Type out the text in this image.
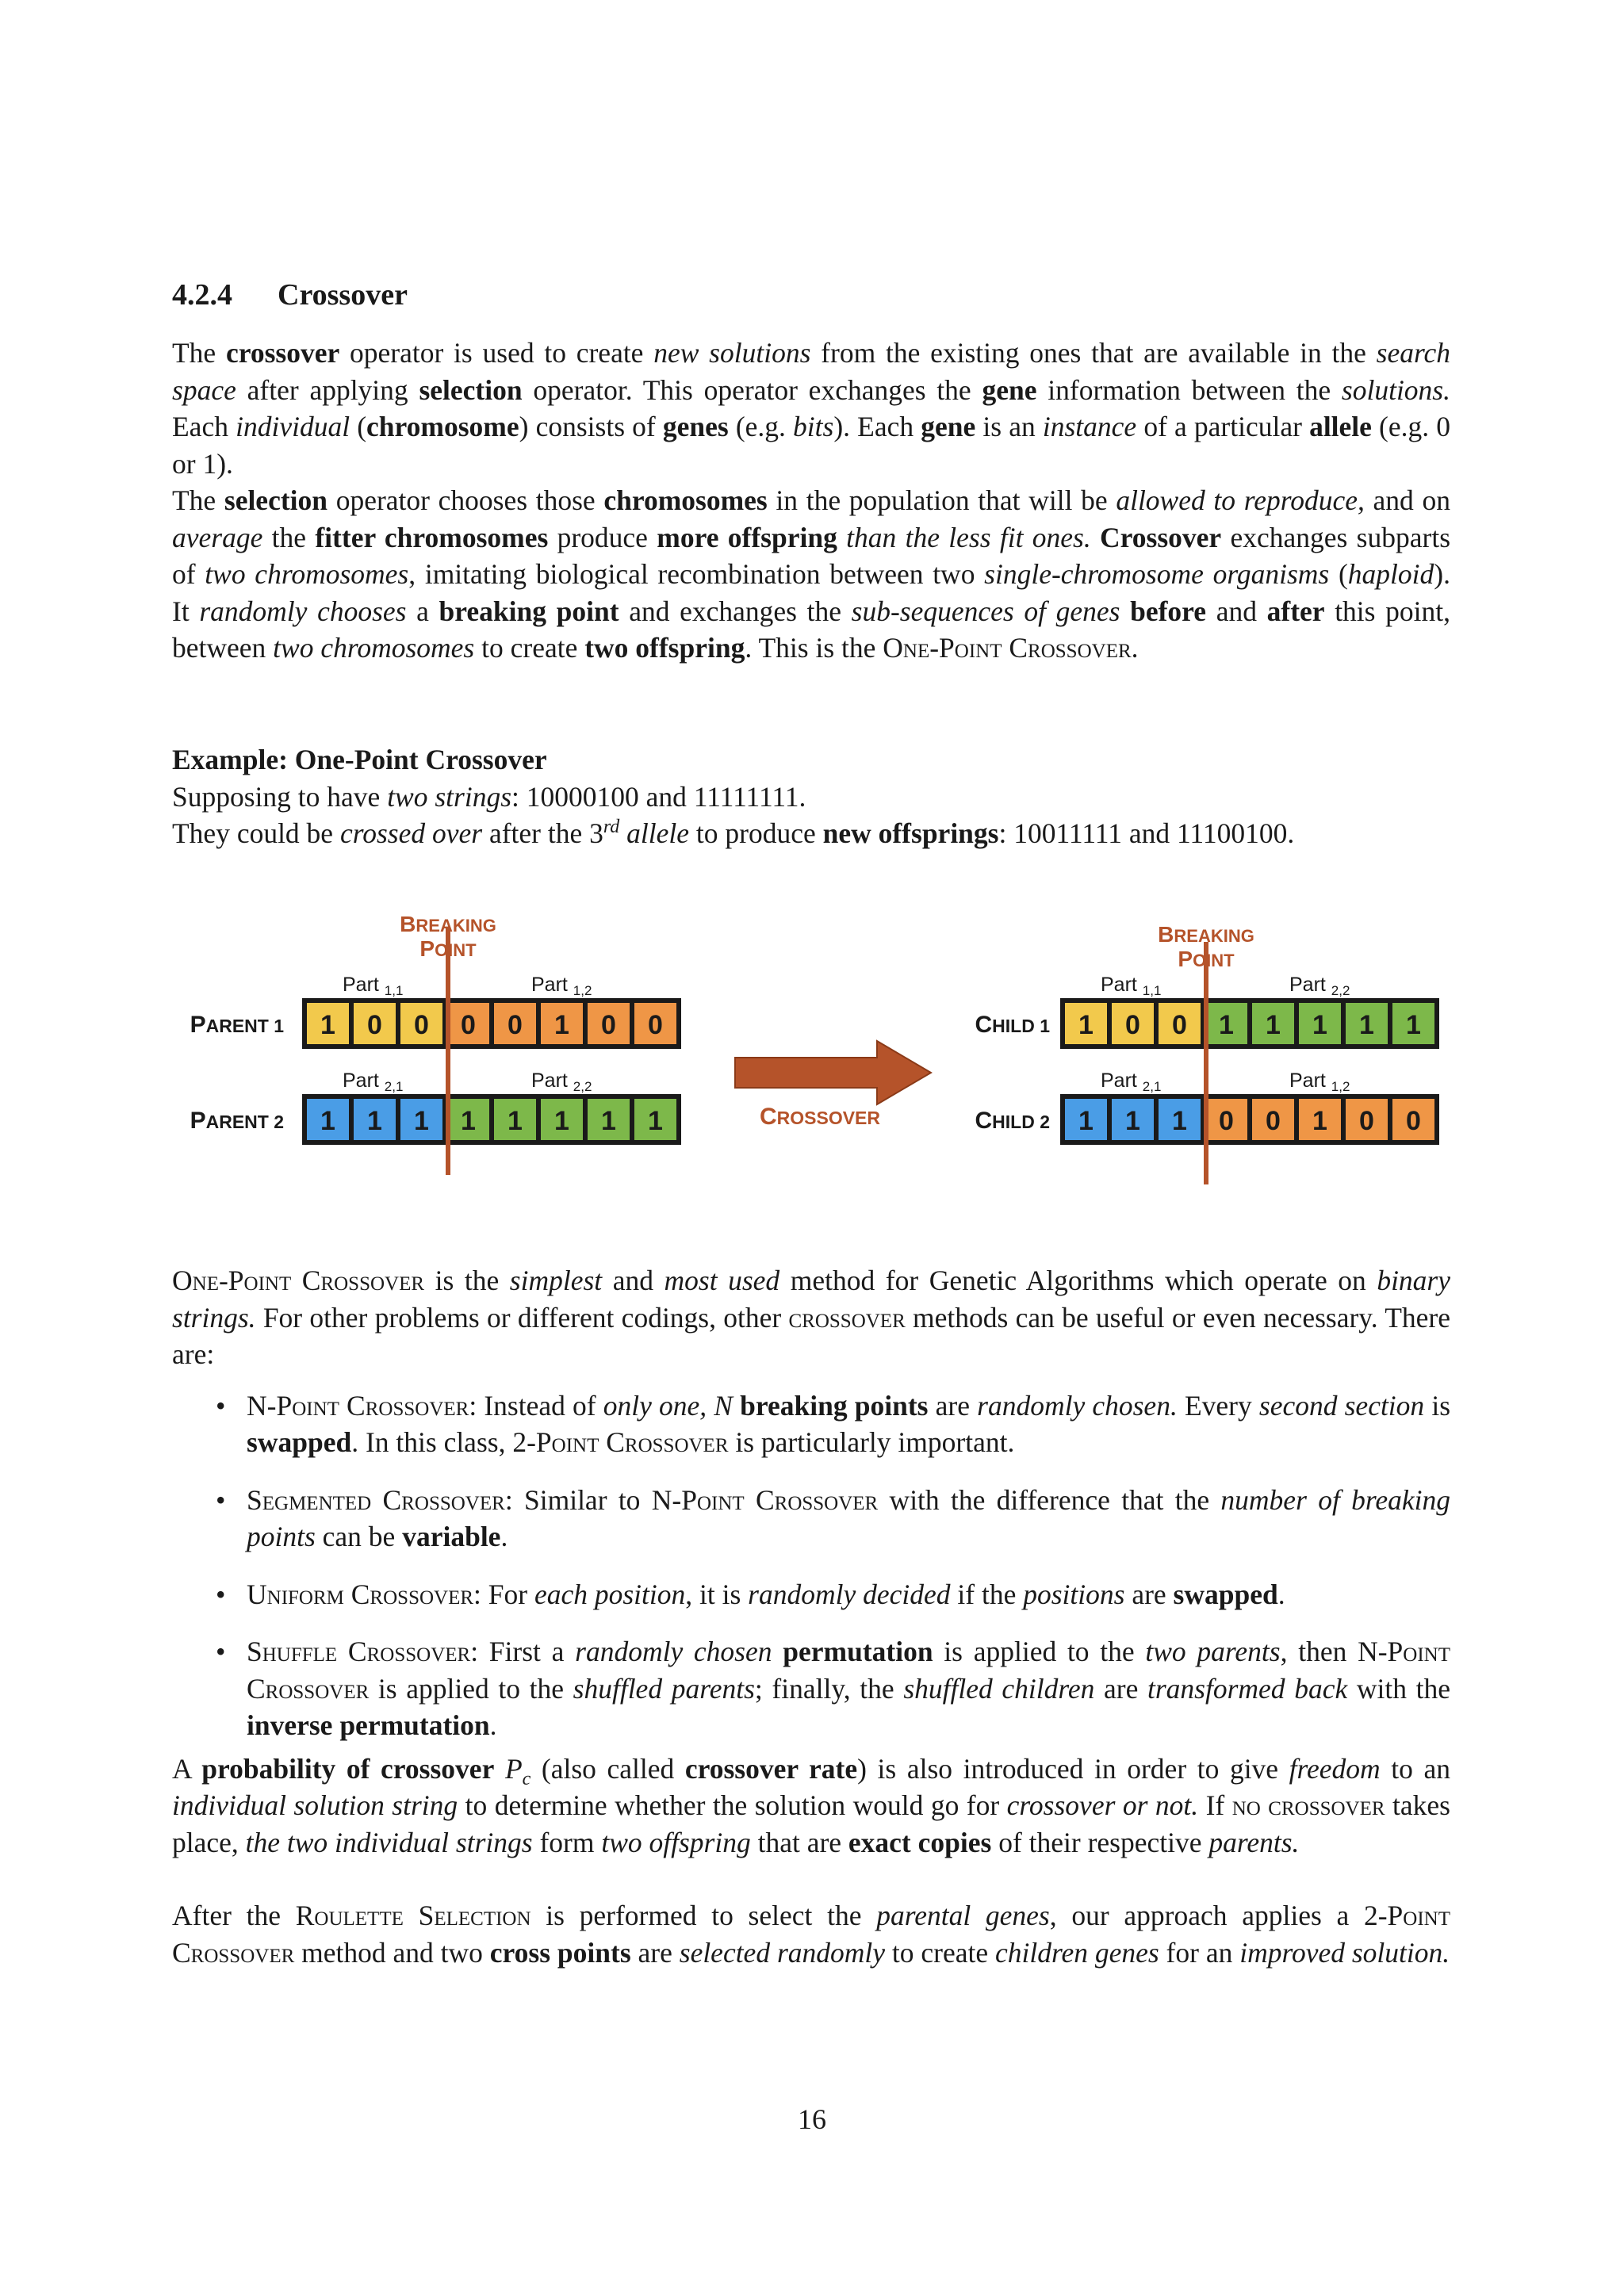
4.2.4 Crossover

The crossover operator is used to create new solutions from the existing ones that are available in the search space after applying selection operator. This operator exchanges the gene information between the solutions. Each individual (chromosome) consists of genes (e.g. bits). Each gene is an instance of a particular allele (e.g. 0 or 1).

The selection operator chooses those chromosomes in the population that will be allowed to reproduce, and on average the fitter chromosomes produce more offspring than the less fit ones. Crossover exchanges subparts of two chromosomes, imitating biological recombination between two single-chromosome organisms (haploid). It randomly chooses a breaking point and exchanges the sub-sequences of genes before and after this point, between two chromosomes to create two offspring. This is the One-Point Crossover.

Example: One-Point Crossover

Supposing to have two strings: 10000100 and 11111111.

They could be crossed over after the 3rd allele to produce new offsprings: 10011111 and 11100100.

BREAKING
POINT
PARENT 1
Part $_{1,1}$	Part $_{1,2}$
1 0 0 0 0 1 0 0
PARENT 2
Part $_{2,1}$	Part $_{2,2}$
1 1 1 1 1 1 1 1	CROSSOVER
BREAKING
POINT
CHILD 1
Part $_{1,1}$	Part $_{2,2}$
1 0 0 1 1 1 1 1
CHILD 2
Part $_{2,1}$	Part $_{1,2}$
1 1 1 0 0 1 0 0

One-Point Crossover is the simplest and most used method for Genetic Algorithms which operate on binary strings. For other problems or different codings, other crossover methods can be useful or even necessary. There are:

• N-Point Crossover: Instead of only one, N breaking points are randomly chosen. Every second section is swapped. In this class, 2-Point Crossover is particularly important.
• Segmented Crossover: Similar to N-Point Crossover with the difference that the number of breaking points can be variable.
• Uniform Crossover: For each position, it is randomly decided if the positions are swapped.
• Shuffle Crossover: First a randomly chosen permutation is applied to the two parents, then N-Point Crossover is applied to the shuffled parents; finally, the shuffled children are transformed back with the inverse permutation.

A probability of crossover $P_c$ (also called crossover rate) is also introduced in order to give freedom to an individual solution string to determine whether the solution would go for crossover or not. If no crossover takes place, the two individual strings form two offspring that are exact copies of their respective parents.

After the Roulette Selection is performed to select the parental genes, our approach applies a 2-Point Crossover method and two cross points are selected randomly to create children genes for an improved solution.

16
